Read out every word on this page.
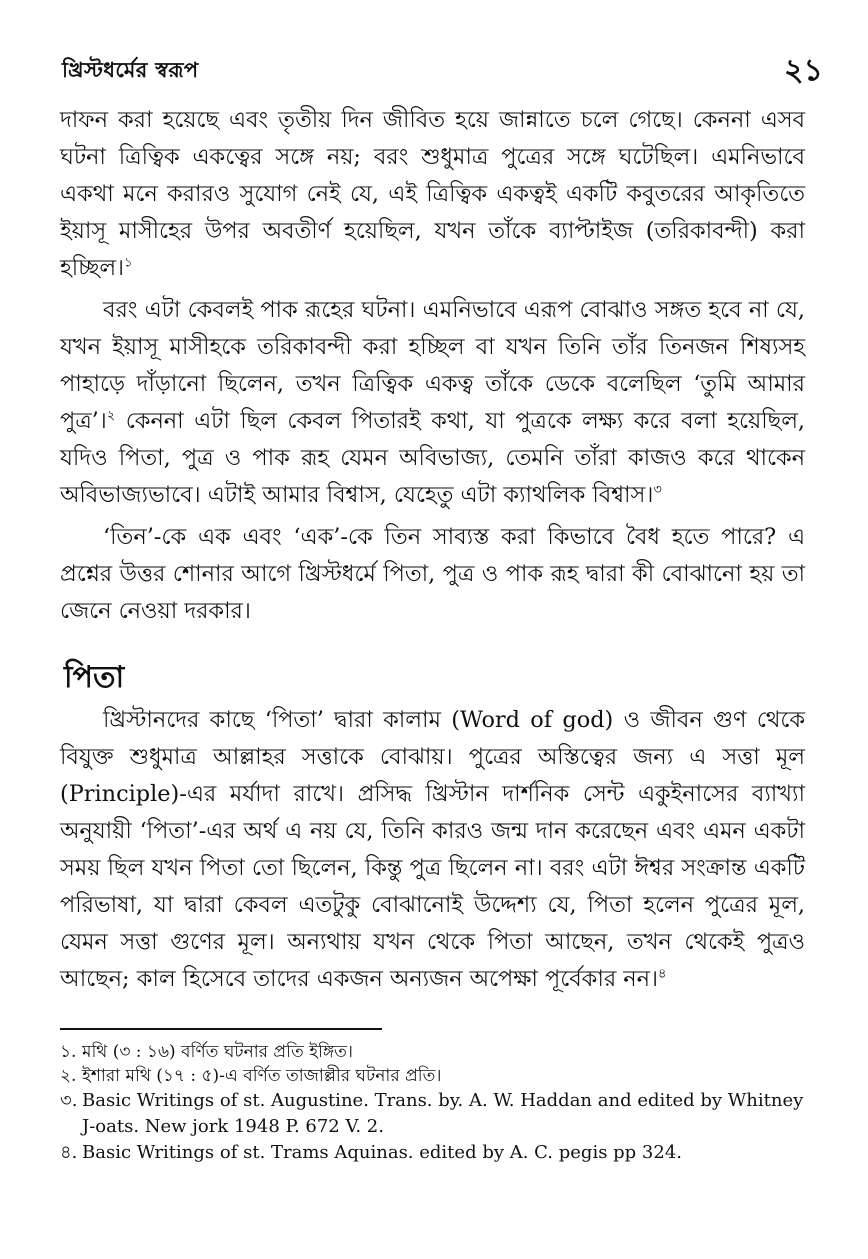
খ্রিস্টধর্মের স্বরূপ	২১

দাফন করা হয়েছে এবং তৃতীয় দিন জীবিত হয়ে জান্নাতে চলে গেছে। কেননা এসব ঘটনা ত্রিত্বিক একত্বের সঙ্গে নয়; বরং শুধুমাত্র পুত্রের সঙ্গে ঘটেছিল। এমনিভাবে একথা মনে করারও সুযোগ নেই যে, এই ত্রিত্বিক একত্বই একটি কবুতরের আকৃতিতে ইয়াসূ মাসীহের উপর অবতীর্ণ হয়েছিল, যখন তাঁকে ব্যাপ্টাইজ (তরিকাবন্দী) করা হচ্ছিল।$^১$

বরং এটা কেবলই পাক রূহের ঘটনা। এমনিভাবে এরূপ বোঝাও সঙ্গত হবে না যে, যখন ইয়াসূ মাসীহকে তরিকাবন্দী করা হচ্ছিল বা যখন তিনি তাঁর তিনজন শিষ্যসহ পাহাড়ে দাঁড়ানো ছিলেন, তখন ত্রিত্বিক একত্ব তাঁকে ডেকে বলেছিল ‘তুমি আমার পুত্র’।$^২$ কেননা এটা ছিল কেবল পিতারই কথা, যা পুত্রকে লক্ষ্য করে বলা হয়েছিল, যদিও পিতা, পুত্র ও পাক রূহ যেমন অবিভাজ্য, তেমনি তাঁরা কাজও করে থাকেন অবিভাজ্যভাবে। এটাই আমার বিশ্বাস, যেহেতু এটা ক্যাথলিক বিশ্বাস।$^৩$

‘তিন’-কে এক এবং ‘এক’-কে তিন সাব্যস্ত করা কিভাবে বৈধ হতে পারে? এ প্রশ্নের উত্তর শোনার আগে খ্রিস্টধর্মে পিতা, পুত্র ও পাক রূহ দ্বারা কী বোঝানো হয় তা জেনে নেওয়া দরকার।

পিতা

খ্রিস্টানদের কাছে ‘পিতা’ দ্বারা কালাম (Word of god) ও জীবন গুণ থেকে বিযুক্ত শুধুমাত্র আল্লাহর সত্তাকে বোঝায়। পুত্রের অস্তিত্বের জন্য এ সত্তা মূল (Principle)-এর মর্যাদা রাখে। প্রসিদ্ধ খ্রিস্টান দার্শনিক সেন্ট একুইনাসের ব্যাখ্যা অনুযায়ী ‘পিতা’-এর অর্থ এ নয় যে, তিনি কারও জন্ম দান করেছেন এবং এমন একটা সময় ছিল যখন পিতা তো ছিলেন, কিন্তু পুত্র ছিলেন না। বরং এটা ঈশ্বর সংক্রান্ত একটি পরিভাষা, যা দ্বারা কেবল এতটুকু বোঝানোই উদ্দেশ্য যে, পিতা হলেন পুত্রের মূল, যেমন সত্তা গুণের মূল। অন্যথায় যখন থেকে পিতা আছেন, তখন থেকেই পুত্রও আছেন; কাল হিসেবে তাদের একজন অন্যজন অপেক্ষা পূর্বেকার নন।$^৪$

১. মথি (৩ : ১৬) বর্ণিত ঘটনার প্রতি ইঙ্গিত।
২. ইশারা মথি (১৭ : ৫)-এ বর্ণিত তাজাল্লীর ঘটনার প্রতি।
৩. Basic Writings of st. Augustine. Trans. by. A. W. Haddan and edited by Whitney J-oats. New jork 1948 P. 672 V. 2.
৪. Basic Writings of st. Trams Aquinas. edited by A. C. pegis pp 324.
